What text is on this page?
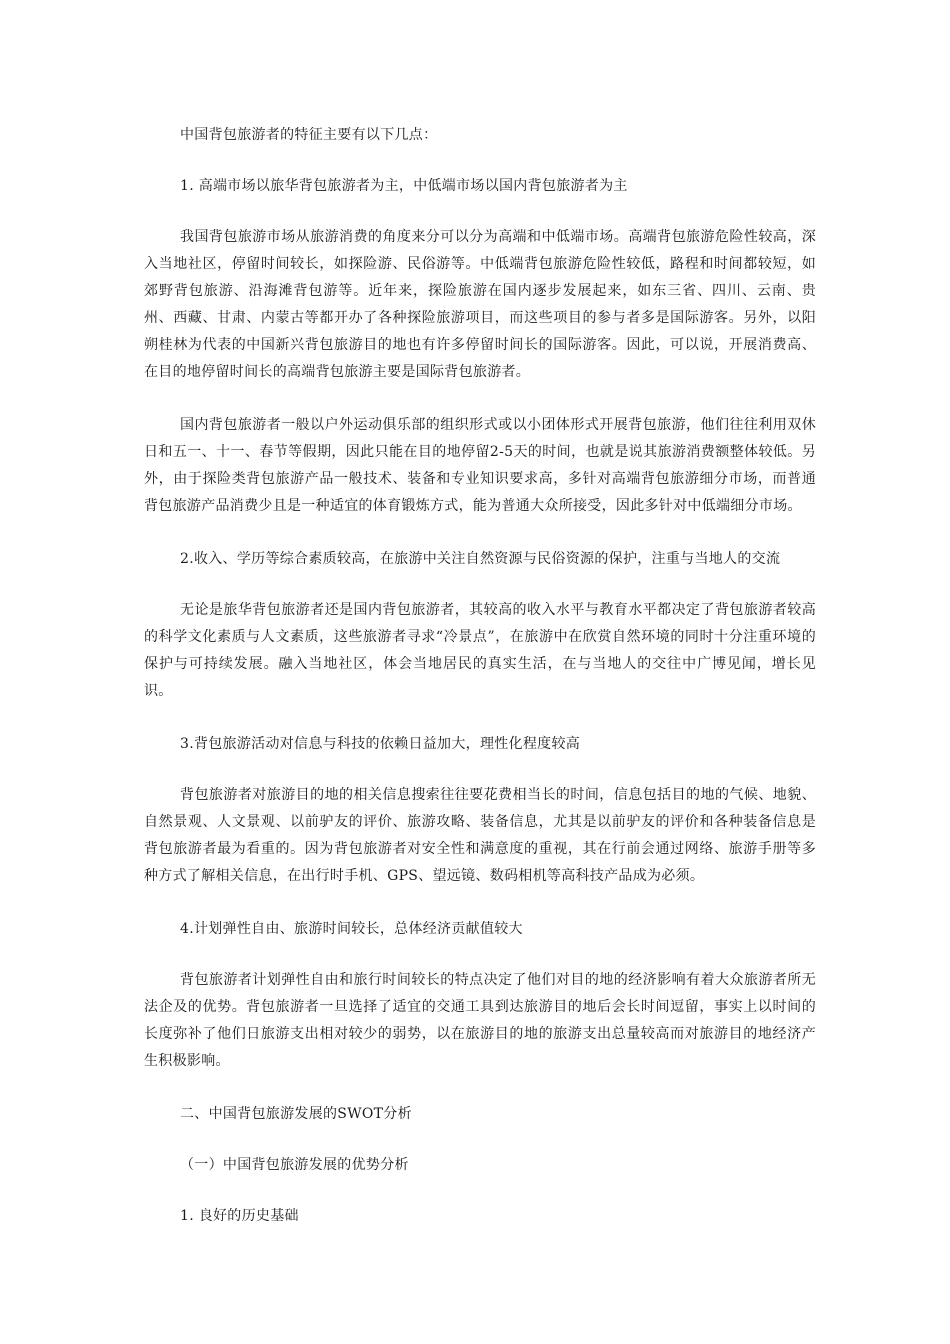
中国背包旅游者的特征主要有以下几点：

1. 高端市场以旅华背包旅游者为主，中低端市场以国内背包旅游者为主

我国背包旅游市场从旅游消费的角度来分可以分为高端和中低端市场。高端背包旅游危险性较高，深入当地社区，停留时间较长，如探险游、民俗游等。中低端背包旅游危险性较低，路程和时间都较短，如郊野背包旅游、沿海滩背包游等。近年来，探险旅游在国内逐步发展起来，如东三省、四川、云南、贵州、西藏、甘肃、内蒙古等都开办了各种探险旅游项目，而这些项目的参与者多是国际游客。另外，以阳朔桂林为代表的中国新兴背包旅游目的地也有许多停留时间长的国际游客。因此，可以说，开展消费高、在目的地停留时间长的高端背包旅游主要是国际背包旅游者。

国内背包旅游者一般以户外运动俱乐部的组织形式或以小团体形式开展背包旅游，他们往往利用双休日和五一、十一、春节等假期，因此只能在目的地停留2-5天的时间，也就是说其旅游消费额整体较低。另外，由于探险类背包旅游产品一般技术、装备和专业知识要求高，多针对高端背包旅游细分市场，而普通背包旅游产品消费少且是一种适宜的体育锻炼方式，能为普通大众所接受，因此多针对中低端细分市场。

2.收入、学历等综合素质较高，在旅游中关注自然资源与民俗资源的保护，注重与当地人的交流

无论是旅华背包旅游者还是国内背包旅游者，其较高的收入水平与教育水平都决定了背包旅游者较高的科学文化素质与人文素质，这些旅游者寻求“冷景点”，在旅游中在欣赏自然环境的同时十分注重环境的保护与可持续发展。融入当地社区，体会当地居民的真实生活，在与当地人的交往中广博见闻，增长见识。

3.背包旅游活动对信息与科技的依赖日益加大，理性化程度较高

背包旅游者对旅游目的地的相关信息搜索往往要花费相当长的时间，信息包括目的地的气候、地貌、自然景观、人文景观、以前驴友的评价、旅游攻略、装备信息，尤其是以前驴友的评价和各种装备信息是背包旅游者最为看重的。因为背包旅游者对安全性和满意度的重视，其在行前会通过网络、旅游手册等多种方式了解相关信息，在出行时手机、GPS、望远镜、数码相机等高科技产品成为必须。

4.计划弹性自由、旅游时间较长，总体经济贡献值较大

背包旅游者计划弹性自由和旅行时间较长的特点决定了他们对目的地的经济影响有着大众旅游者所无法企及的优势。背包旅游者一旦选择了适宜的交通工具到达旅游目的地后会长时间逗留，事实上以时间的长度弥补了他们日旅游支出相对较少的弱势，以在旅游目的地的旅游支出总量较高而对旅游目的地经济产生积极影响。

二、中国背包旅游发展的SWOT分析

（一）中国背包旅游发展的优势分析

1. 良好的历史基础
